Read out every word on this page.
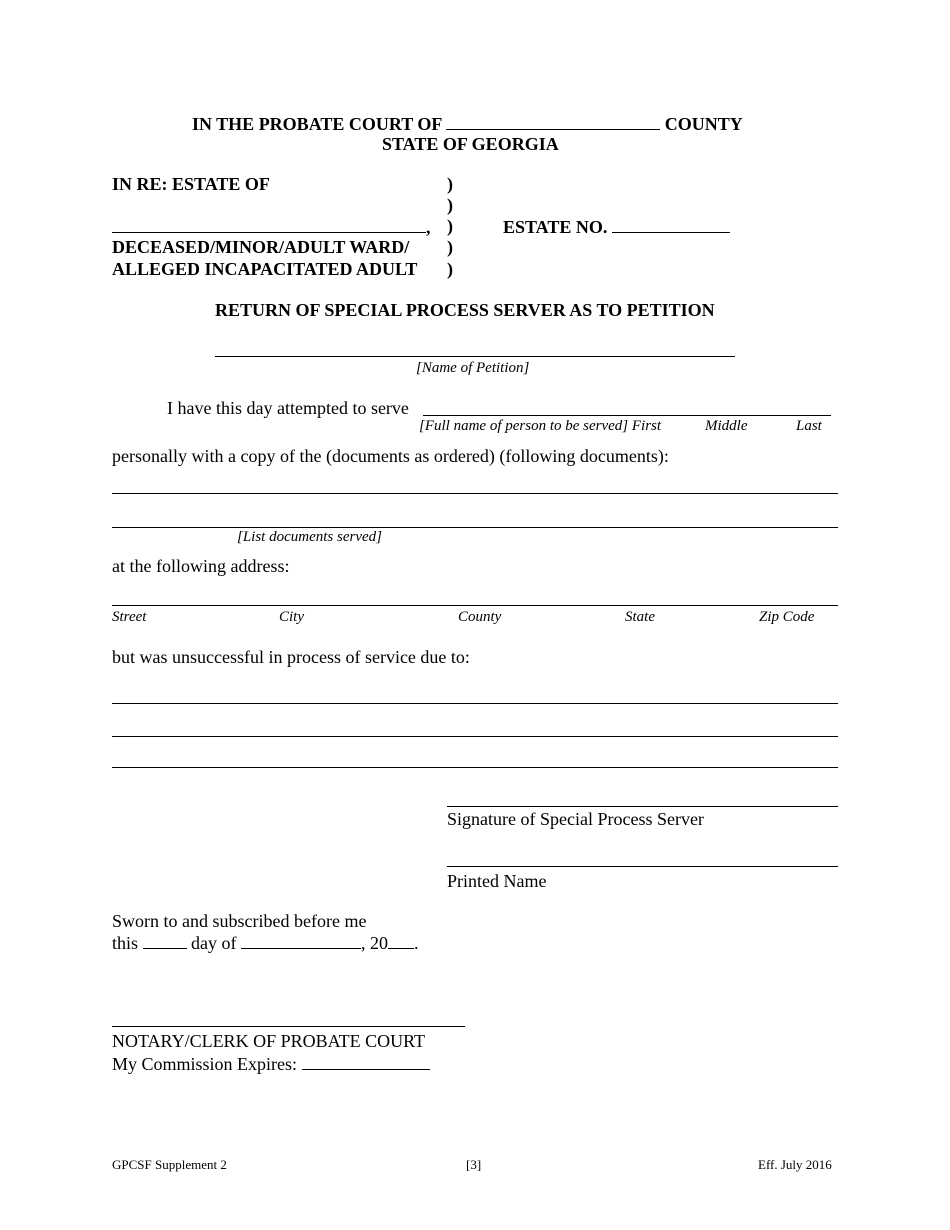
IN THE PROBATE COURT OF	COUNTY
STATE OF GEORGIA
IN RE: ESTATE OF
,
DECEASED/MINOR/ADULT WARD/
ALLEGED INCAPACITATED ADULT
)
)
)
)
)
ESTATE NO.
RETURN OF SPECIAL PROCESS SERVER AS TO PETITION
[Name of Petition]
I have this day attempted to serve
[Full name of person to be served] First	Middle	Last
personally with a copy of the (documents as ordered) (following documents):
[List documents served]
at the following address:
Street	City	County	State	Zip Code
but was unsuccessful in process of service due to:
Signature of Special Process Server
Printed Name
Sworn to and subscribed before me
this	day of	, 20 .
NOTARY/CLERK OF PROBATE COURT
My Commission Expires:
GPCSF Supplement 2	[3]	Eff. July 2016
